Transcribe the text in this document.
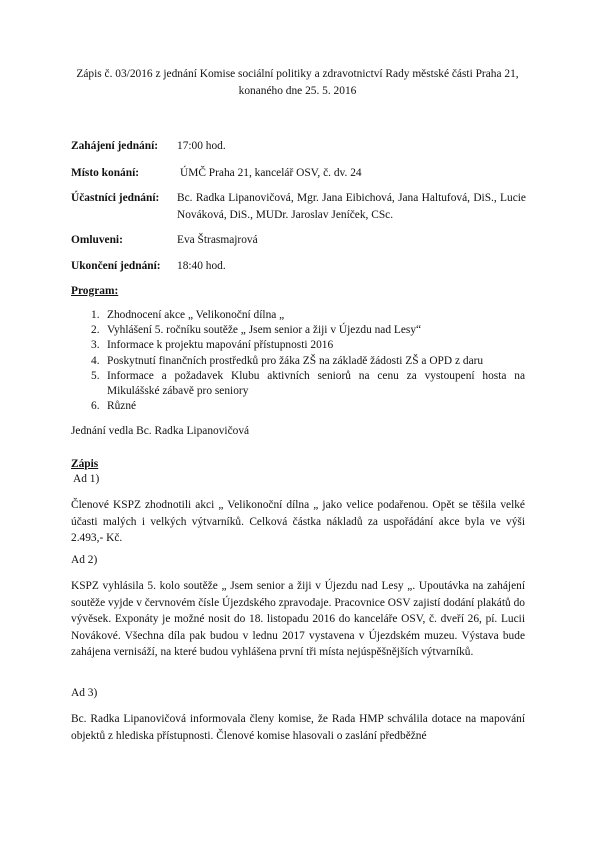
Zápis č. 03/2016 z jednání Komise sociální politiky a zdravotnictví Rady městské části Praha 21, konaného dne 25. 5. 2016
Zahájení jednání: 17:00 hod.
Místo konání:	ÚMČ Praha 21, kancelář OSV, č. dv. 24
Účastníci jednání: Bc. Radka Lipanovičová, Mgr. Jana Eibichová, Jana Haltufová, DiS., Lucie Nováková, DiS., MUDr. Jaroslav Jeníček, CSc.
Omluveni:	Eva Štrasmajrová
Ukončení jednání: 18:40 hod.
Program:
1. Zhodnocení akce „ Velikonoční dílna „
2. Vyhlášení 5. ročníku soutěže „ Jsem senior a žiji v Újezdu nad Lesy“
3. Informace k projektu mapování přístupnosti 2016
4. Poskytnutí finančních prostředků pro žáka ZŠ na základě žádosti ZŠ a OPD z daru
5. Informace a požadavek Klubu aktivních seniorů na cenu za vystoupení hosta na Mikulášské zábavě pro seniory
6. Různé
Jednání vedla Bc. Radka Lipanovičová
Zápis
Ad 1)
Členové KSPZ zhodnotili akci „ Velikonoční dílna „ jako velice podařenou. Opět se těšila velké účasti malých i velkých výtvarníků. Celková částka nákladů za uspořádání akce byla ve výši 2.493,- Kč.
Ad 2)
KSPZ vyhlásila 5. kolo soutěže „ Jsem senior a žiji v Újezdu nad Lesy „. Upoutávka na zahájení soutěže vyjde v červnovém čísle Újezdského zpravodaje. Pracovnice OSV zajistí dodání plakátů do vývěsek. Exponáty je možné nosit do 18. listopadu 2016 do kanceláře OSV, č. dveří 26, pí. Lucii Novákové. Všechna díla pak budou v lednu 2017 vystavena v Újezdském muzeu. Výstava bude zahájena vernisáží, na které budou vyhlášena první tři místa nejúspěšnějších výtvarníků.
Ad 3)
Bc. Radka Lipanovičová informovala členy komise, že Rada HMP schválila dotace na mapování objektů z hlediska přístupnosti. Členové komise hlasovali o zaslání předběžné
